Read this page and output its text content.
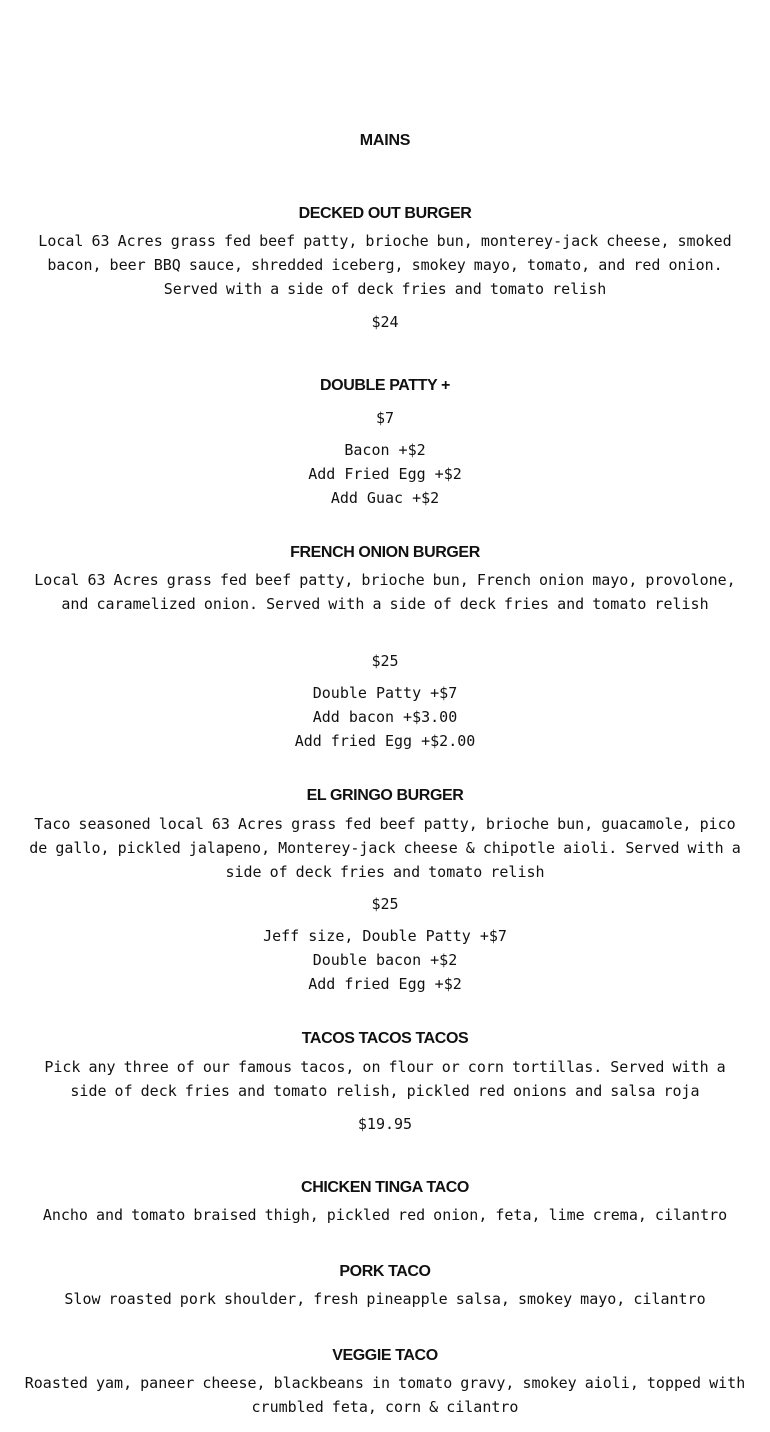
MAINS
DECKED OUT BURGER
Local 63 Acres grass fed beef patty, brioche bun, monterey-jack cheese, smoked bacon, beer BBQ sauce, shredded iceberg, smokey mayo, tomato, and red onion. Served with a side of deck fries and tomato relish
$24
DOUBLE PATTY +
$7
Bacon +$2
Add Fried Egg +$2
Add Guac +$2
FRENCH ONION BURGER
Local 63 Acres grass fed beef patty, brioche bun, French onion mayo, provolone, and caramelized onion. Served with a side of deck fries and tomato relish
$25
Double Patty +$7
Add bacon +$3.00
Add fried Egg +$2.00
EL GRINGO BURGER
Taco seasoned local 63 Acres grass fed beef patty, brioche bun, guacamole, pico de gallo, pickled jalapeno, Monterey-jack cheese & chipotle aioli. Served with a side of deck fries and tomato relish
$25
Jeff size, Double Patty +$7
Double bacon +$2
Add fried Egg +$2
TACOS TACOS TACOS
Pick any three of our famous tacos, on flour or corn tortillas. Served with a side of deck fries and tomato relish, pickled red onions and salsa roja
$19.95
CHICKEN TINGA TACO
Ancho and tomato braised thigh, pickled red onion, feta, lime crema, cilantro
PORK TACO
Slow roasted pork shoulder, fresh pineapple salsa, smokey mayo, cilantro
VEGGIE TACO
Roasted yam, paneer cheese, blackbeans in tomato gravy, smokey aioli, topped with crumbled feta, corn & cilantro
